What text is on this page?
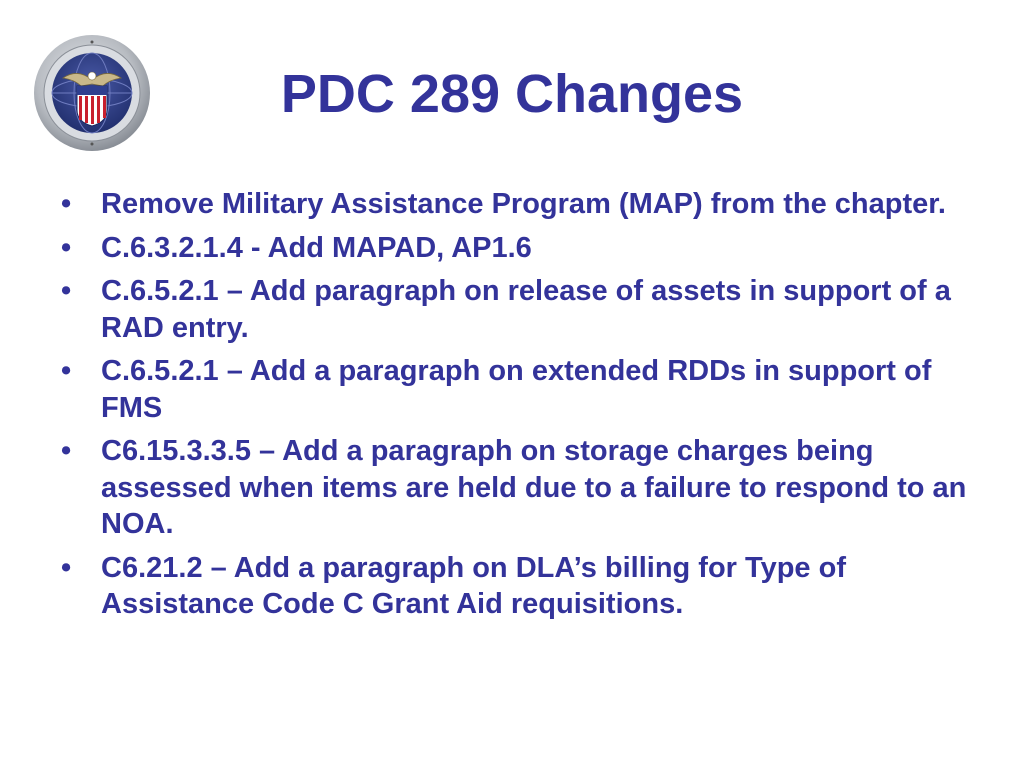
PDC 289 Changes
• Remove Military Assistance Program (MAP) from the chapter.
• C.6.3.2.1.4 - Add MAPAD, AP1.6
• C.6.5.2.1 – Add paragraph on release of assets in support of a RAD entry.
• C.6.5.2.1 – Add a paragraph on extended RDDs in support of FMS
• C6.15.3.3.5 – Add a paragraph on storage charges being assessed when items are held due to a failure to respond to an NOA.
• C6.21.2 – Add a paragraph on DLA’s billing for Type of Assistance Code C Grant Aid requisitions.
